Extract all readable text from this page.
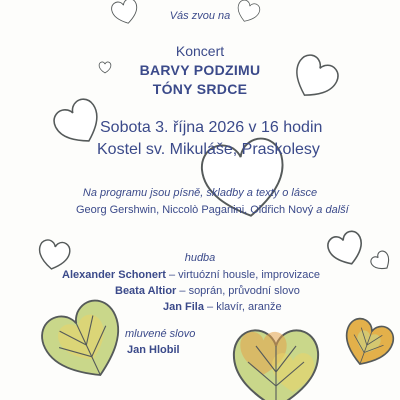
Vás zvou na
Koncert
BARVY PODZIMU
TÓNY SRDCE
Sobota 3. října 2026 v 16 hodin
Kostel sv. Mikuláše, Praskolesy
Na programu jsou písně, skladby a texty o lásce
Georg Gershwin, Niccolò Paganini, Oldřich Nový a další
hudba
Alexander Schonert – virtuózní housle, improvizace
Beata Altior – soprán, průvodní slovo
Jan Fila – klavír, aranže
mluvené slovo
Jan Hlobil
